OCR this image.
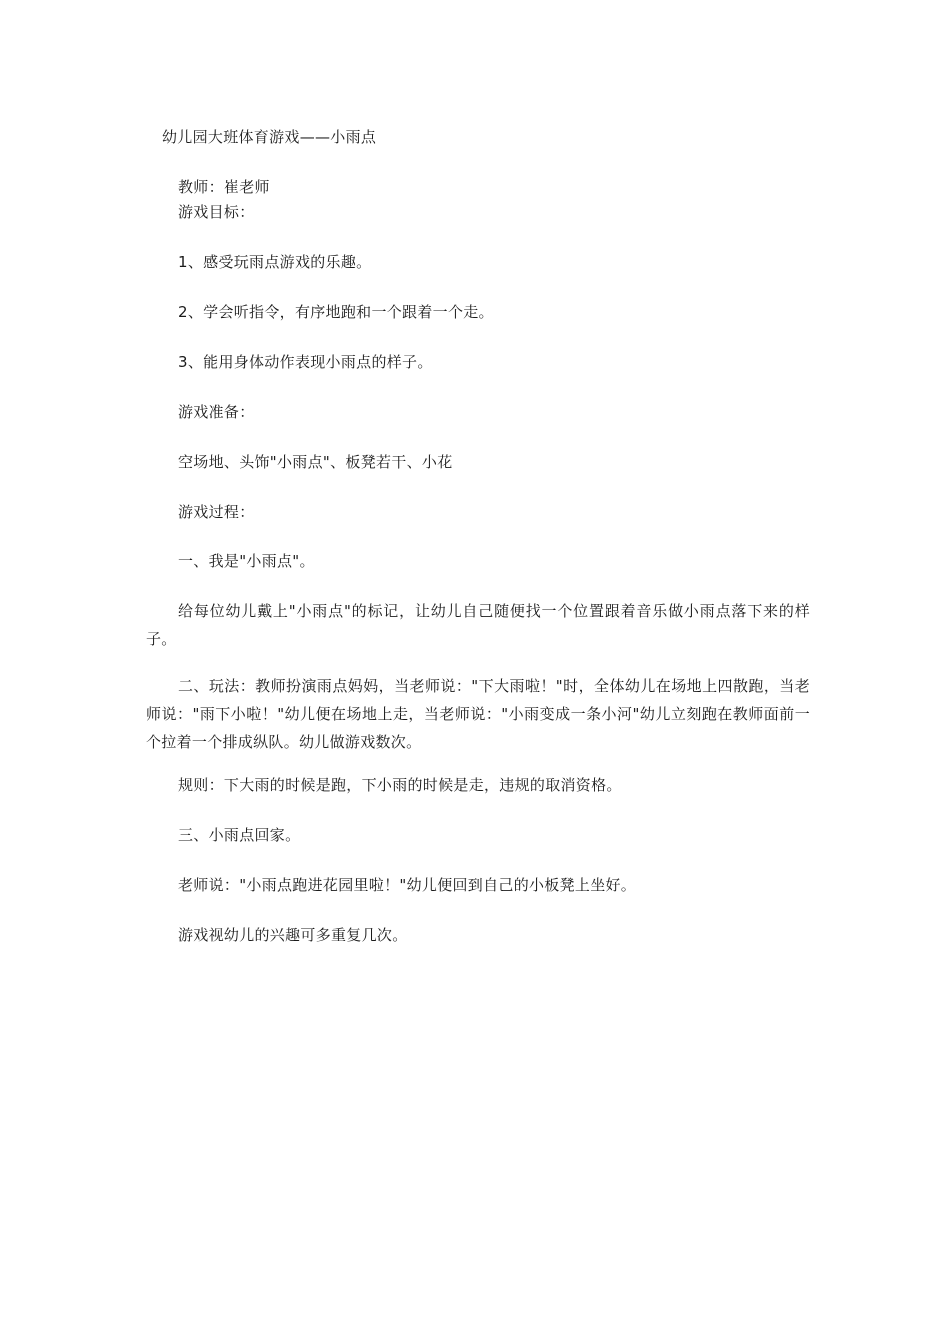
幼儿园大班体育游戏——小雨点
教师：崔老师
游戏目标：
1、感受玩雨点游戏的乐趣。
2、学会听指令，有序地跑和一个跟着一个走。
3、能用身体动作表现小雨点的样子。
游戏准备：
空场地、头饰"小雨点"、板凳若干、小花
游戏过程：
一、我是"小雨点"。
给每位幼儿戴上"小雨点"的标记，让幼儿自己随便找一个位置跟着音乐做小雨点落下来的样子。
二、玩法：教师扮演雨点妈妈，当老师说："下大雨啦！"时，全体幼儿在场地上四散跑，当老师说："雨下小啦！"幼儿便在场地上走，当老师说："小雨变成一条小河"幼儿立刻跑在教师面前一个拉着一个排成纵队。幼儿做游戏数次。
规则：下大雨的时候是跑，下小雨的时候是走，违规的取消资格。
三、小雨点回家。
老师说："小雨点跑进花园里啦！"幼儿便回到自己的小板凳上坐好。
游戏视幼儿的兴趣可多重复几次。
